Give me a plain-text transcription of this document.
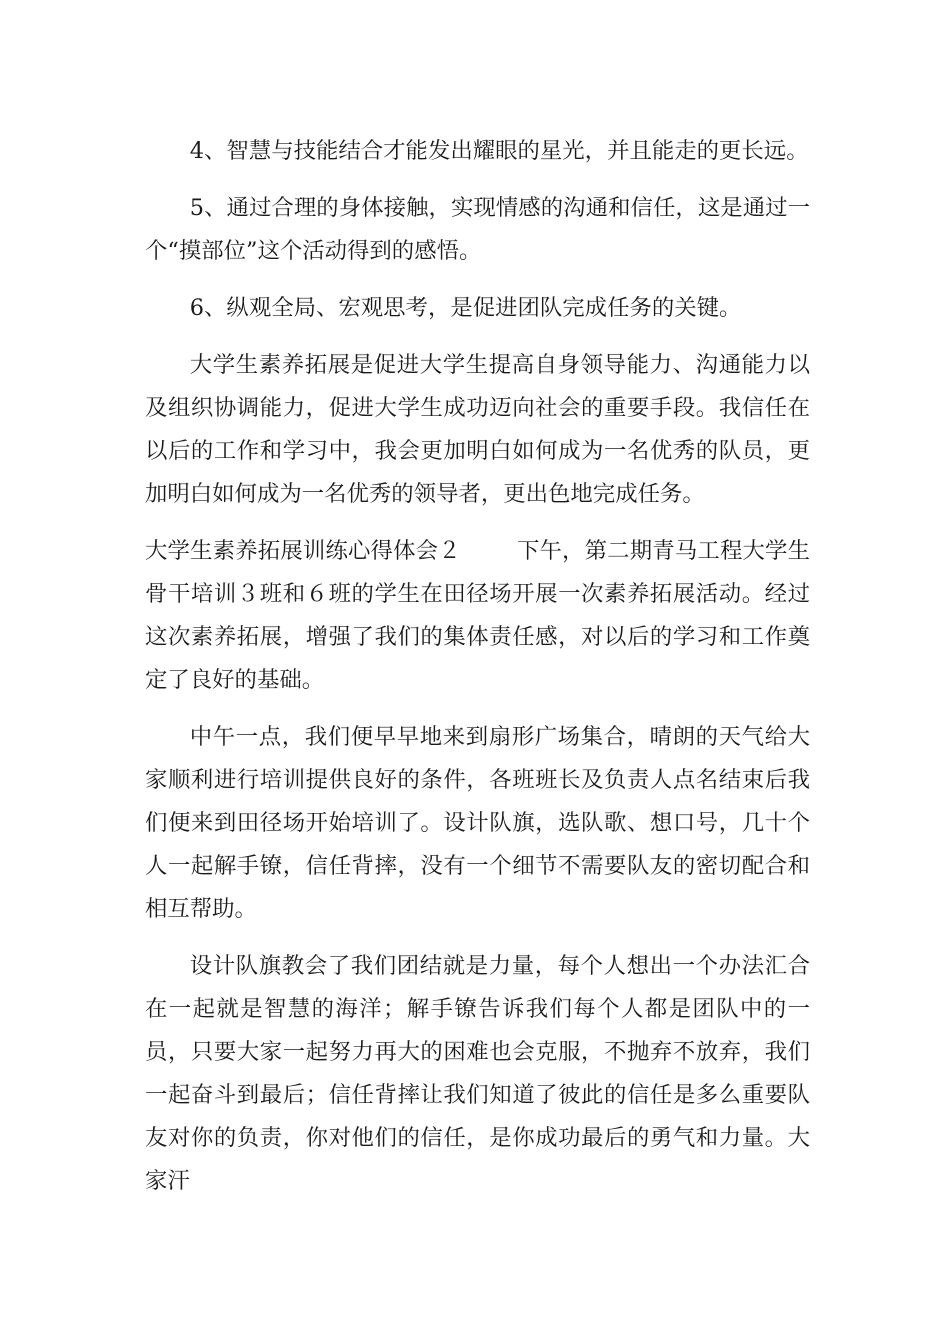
4、智慧与技能结合才能发出耀眼的星光，并且能走的更长远。

5、通过合理的身体接触，实现情感的沟通和信任，这是通过一个“摸部位”这个活动得到的感悟。

6、纵观全局、宏观思考，是促进团队完成任务的关键。

大学生素养拓展是促进大学生提高自身领导能力、沟通能力以及组织协调能力，促进大学生成功迈向社会的重要手段。我信任在以后的工作和学习中，我会更加明白如何成为一名优秀的队员，更加明白如何成为一名优秀的领导者，更出色地完成任务。

大学生素养拓展训练心得体会２	下午，第二期青马工程大学生骨干培训３班和６班的学生在田径场开展一次素养拓展活动。经过这次素养拓展，增强了我们的集体责任感，对以后的学习和工作奠定了良好的基础。

中午一点，我们便早早地来到扇形广场集合，晴朗的天气给大家顺利进行培训提供良好的条件，各班班长及负责人点名结束后我们便来到田径场开始培训了。设计队旗，选队歌、想口号，几十个人一起解手镣，信任背摔，没有一个细节不需要队友的密切配合和相互帮助。

设计队旗教会了我们团结就是力量，每个人想出一个办法汇合在一起就是智慧的海洋；解手镣告诉我们每个人都是团队中的一员，只要大家一起努力再大的困难也会克服，不抛弃不放弃，我们一起奋斗到最后；信任背摔让我们知道了彼此的信任是多么重要队友对你的负责，你对他们的信任，是你成功最后的勇气和力量。大家汗
